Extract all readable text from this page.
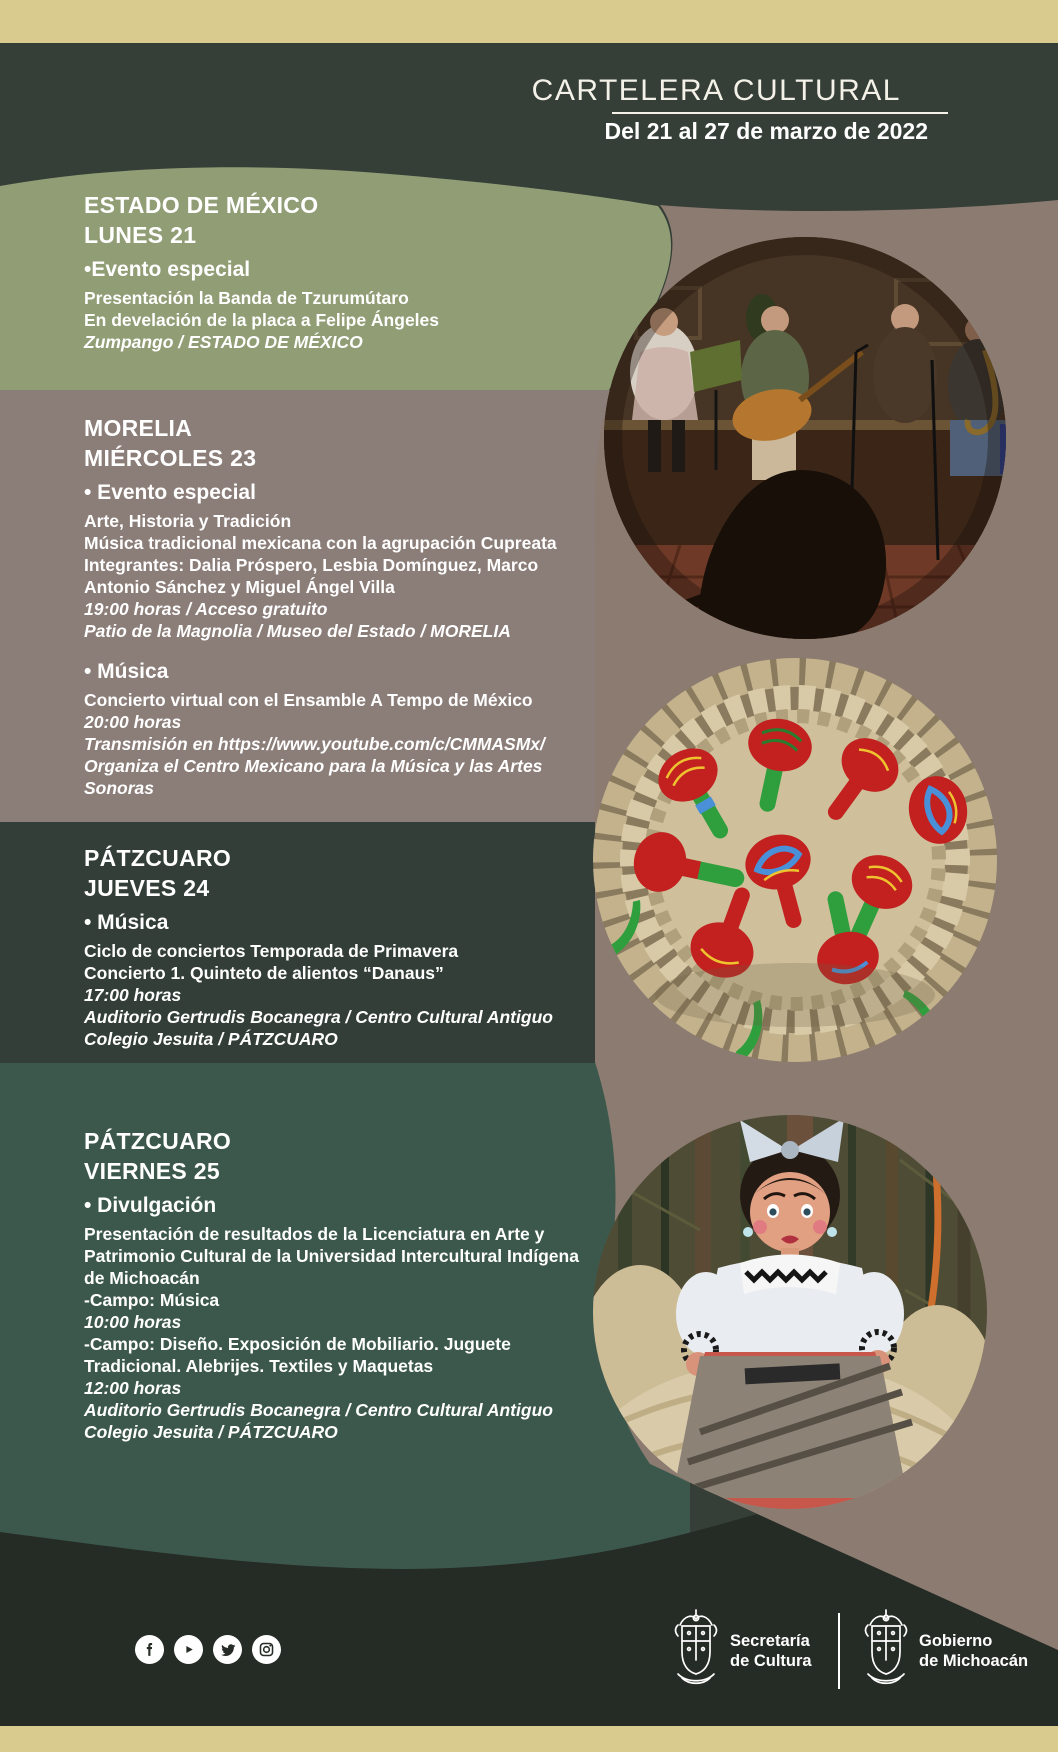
CARTELERA CULTURAL
Del 21 al 27 de marzo de 2022
ESTADO DE MÉXICO
LUNES 21
•Evento especial
Presentación la Banda de Tzurumútaro
En develación de la placa a Felipe Ángeles
Zumpango / ESTADO DE MÉXICO
MORELIA
MIÉRCOLES 23
• Evento especial
Arte, Historia y Tradición
Música tradicional mexicana con la agrupación Cupreata
Integrantes: Dalia Próspero, Lesbia Domínguez, Marco Antonio Sánchez y Miguel Ángel Villa
19:00 horas / Acceso gratuito
Patio de la Magnolia / Museo del Estado / MORELIA
• Música
Concierto virtual con el Ensamble A Tempo de México
20:00 horas
Transmisión en https://www.youtube.com/c/CMMASMx/
Organiza el Centro Mexicano para la Música y las Artes Sonoras
PÁTZCUARO
JUEVES 24
• Música
Ciclo de conciertos Temporada de Primavera
Concierto 1. Quinteto de alientos “Danaus”
17:00 horas
Auditorio Gertrudis Bocanegra / Centro Cultural Antiguo Colegio Jesuita / PÁTZCUARO
PÁTZCUARO
VIERNES 25
• Divulgación
Presentación de resultados de la Licenciatura en Arte y Patrimonio Cultural de la Universidad Intercultural Indígena de Michoacán
-Campo: Música
10:00 horas
-Campo: Diseño. Exposición de Mobiliario. Juguete Tradicional. Alebrijes. Textiles y Maquetas
12:00 horas
Auditorio Gertrudis Bocanegra / Centro Cultural Antiguo Colegio Jesuita / PÁTZCUARO
Secretaría
de Cultura
Gobierno
de Michoacán
